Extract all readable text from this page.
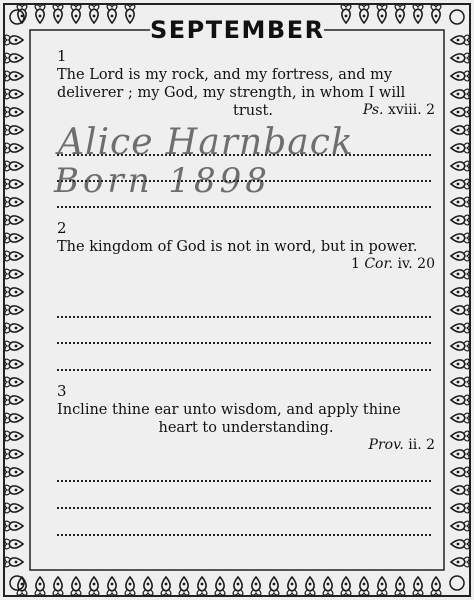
SEPTEMBER
1
The Lord is my rock, and my fortress, and my
deliverer ; my God, my strength, in whom I will
trust.	Ps. xviii. 2
Alice Harnback
Born 1898
2
The kingdom of God is not in word, but in power.
1 Cor. iv. 20
3
Incline thine ear unto wisdom, and apply thine
heart to understanding.
Prov. ii. 2
